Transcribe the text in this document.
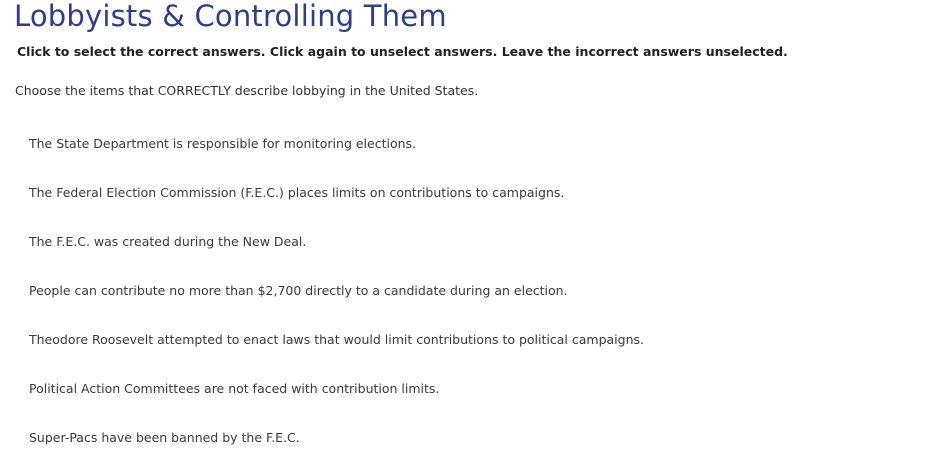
Lobbyists & Controlling Them

Click to select the correct answers. Click again to unselect answers. Leave the incorrect answers unselected.

Choose the items that CORRECTLY describe lobbying in the United States.

The State Department is responsible for monitoring elections.
The Federal Election Commission (F.E.C.) places limits on contributions to campaigns.
The F.E.C. was created during the New Deal.
People can contribute no more than $2,700 directly to a candidate during an election.
Theodore Roosevelt attempted to enact laws that would limit contributions to political campaigns.
Political Action Committees are not faced with contribution limits.
Super-Pacs have been banned by the F.E.C.
